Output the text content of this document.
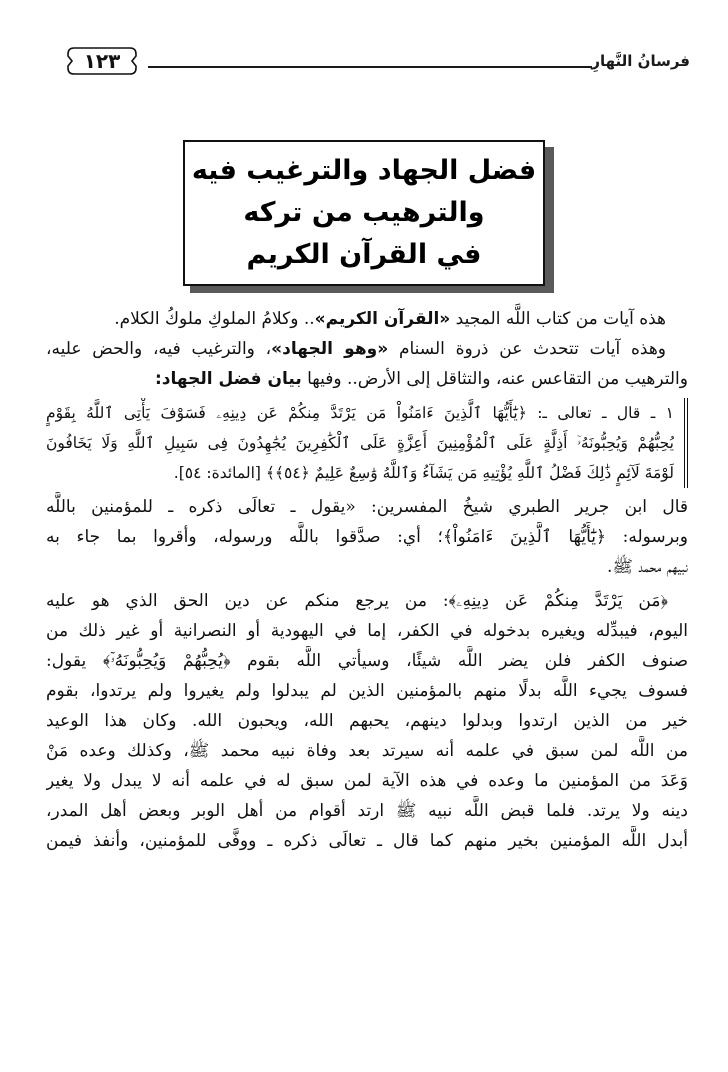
فرسانُ النَّهارِ
١٢٣
فضل الجهاد والترغيب فيه
والترهيب من تركه
في القرآن الكريم

هذه آيات من كتاب اللَّه المجيد «القرآن الكريم».. وكلامُ الملوكِ ملوكُ الكلام.

وهذه آيات تتحدث عن ذروة السنام «وهو الجهاد»، والترغيب فيه، والحض عليه، والترهيب من التقاعس عنه، والتثاقل إلى الأرض.. وفيها بيان فضل الجهاد:

١ ـ قال ـ تعالى ـ: ﴿يَٰٓأَيُّهَا ٱلَّذِينَ ءَامَنُواْ مَن يَرْتَدَّ مِنكُمْ عَن دِينِهِۦ فَسَوْفَ يَأْتِى ٱللَّهُ بِقَوْمٍ
يُحِبُّهُمْ وَيُحِبُّونَهُۥٓ أَذِلَّةٍ عَلَى ٱلْمُؤْمِنِينَ أَعِزَّةٍ عَلَى ٱلْكَٰفِرِينَ يُجَٰهِدُونَ فِى سَبِيلِ ٱللَّهِ وَلَا يَخَافُونَ
لَوْمَةَ لَآئِمٍ ذَٰلِكَ فَضْلُ ٱللَّهِ يُؤْتِيهِ مَن يَشَآءُ وَٱللَّهُ وَٰسِعٌ عَلِيمٌ ﴿٥٤﴾﴾ [المائدة: ٥٤].

قال ابن جرير الطبري شيخُ المفسرين: «يقول ـ تعالَى ذكره ـ للمؤمنين باللَّه
وبرسوله: ﴿يَٰٓأَيُّهَا ٱلَّذِينَ ءَامَنُواْ﴾؛ أي: صدَّقوا باللَّه ورسوله، وأقروا بما جاء به
نبيهم محمد ﷺ.

﴿مَن يَرْتَدَّ مِنكُمْ عَن دِينِهِۦ﴾: من يرجع منكم عن دين الحق الذي هو عليه
اليوم، فيبدِّله ويغيره بدخوله في الكفر، إما في اليهودية أو النصرانية أو غير ذلك من
صنوف الكفر فلن يضر اللَّه شيئًا، وسيأتي اللَّه بقوم ﴿يُحِبُّهُمْ وَيُحِبُّونَهُۥٓ﴾ يقول:
فسوف يجيء اللَّه بدلًا منهم بالمؤمنين الذين لم يبدلوا ولم يغيروا ولم يرتدوا، بقوم
خير من الذين ارتدوا وبدلوا دينهم، يحبهم الله، ويحبون الله. وكان هذا الوعيد
من اللَّه لمن سبق في علمه أنه سيرتد بعد وفاة نبيه محمد ﷺ، وكذلك وعده مَنْ
وَعَدَ من المؤمنين ما وعده في هذه الآية لمن سبق له في علمه أنه لا يبدل ولا يغير
دينه ولا يرتد. فلما قبض اللَّه نبيه ﷺ ارتد أقوام من أهل الوبر وبعض أهل المدر،
أبدل اللَّه المؤمنين بخير منهم كما قال ـ تعالَى ذكره ـ ووفَّى للمؤمنين، وأنفذ فيمن
